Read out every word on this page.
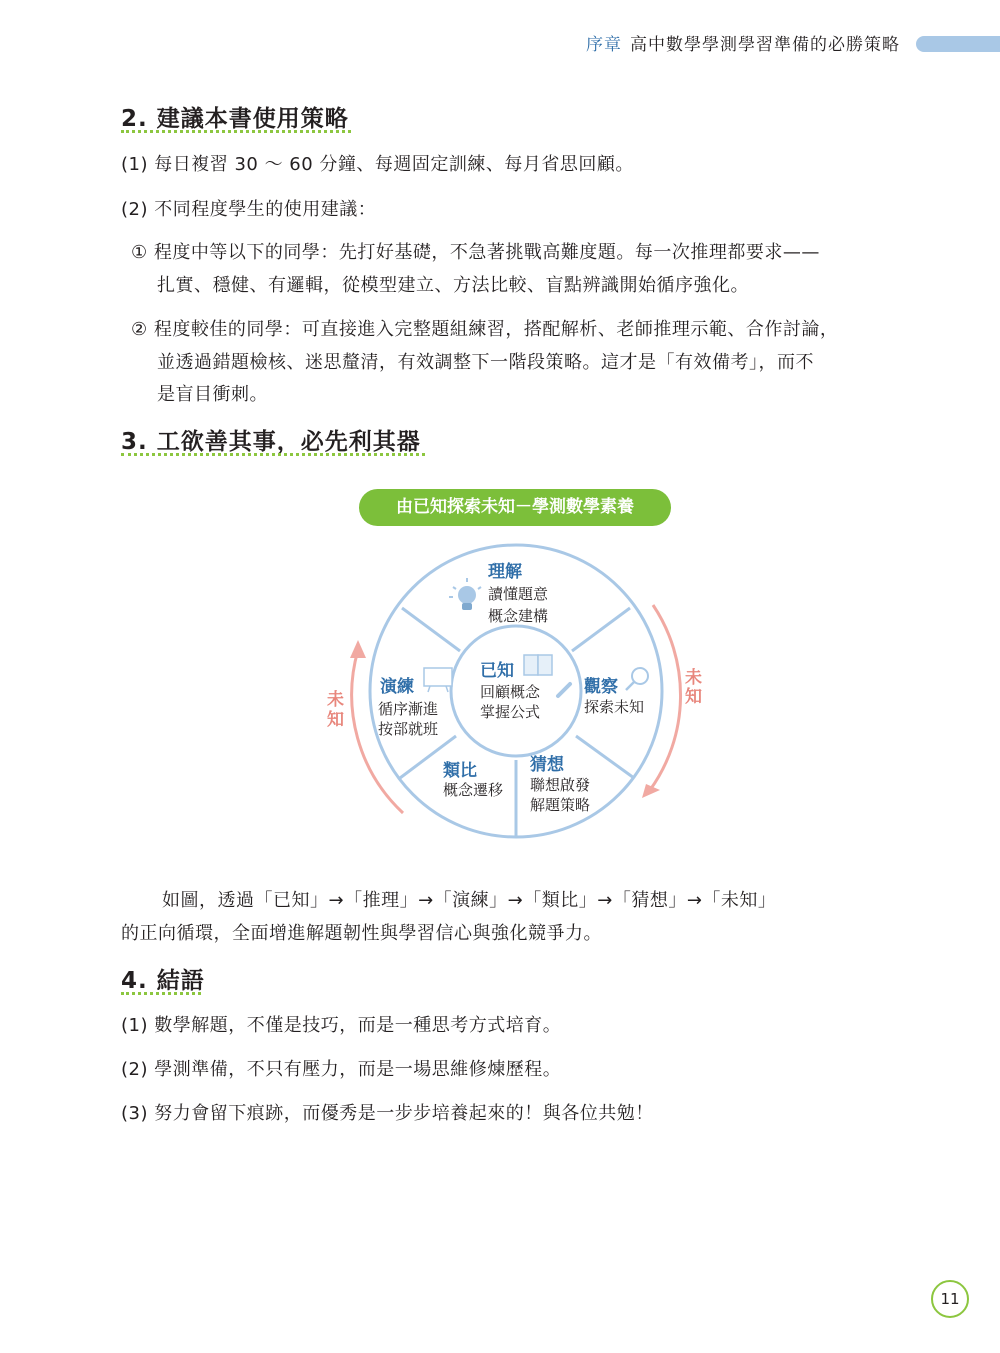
序章 高中數學學測學習準備的必勝策略
2. 建議本書使用策略
(1) 每日複習 30 ～ 60 分鐘、每週固定訓練、每月省思回顧。
(2) 不同程度學生的使用建議：
① 程度中等以下的同學：先打好基礎，不急著挑戰高難度題。每一次推理都要求——
扎實、穩健、有邏輯，從模型建立、方法比較、盲點辨識開始循序強化。
② 程度較佳的同學：可直接進入完整題組練習，搭配解析、老師推理示範、合作討論，
並透過錯題檢核、迷思釐清，有效調整下一階段策略。這才是「有效備考」，而不
是盲目衝刺。
3. 工欲善其事，必先利其器
由已知探索未知－學測數學素養
理解
讀懂題意
概念建構
已知
回顧概念
掌握公式
觀察
探索未知
猜想
聯想啟發
解題策略
類比
概念遷移
演練
循序漸進
按部就班
未
知
未
知
如圖，透過「已知」→「推理」→「演練」→「類比」→「猜想」→「未知」
的正向循環，全面增進解題韌性與學習信心與強化競爭力。
4. 結語
(1) 數學解題，不僅是技巧，而是一種思考方式培育。
(2) 學測準備，不只有壓力，而是一場思維修煉歷程。
(3) 努力會留下痕跡，而優秀是一步步培養起來的！與各位共勉！
11
